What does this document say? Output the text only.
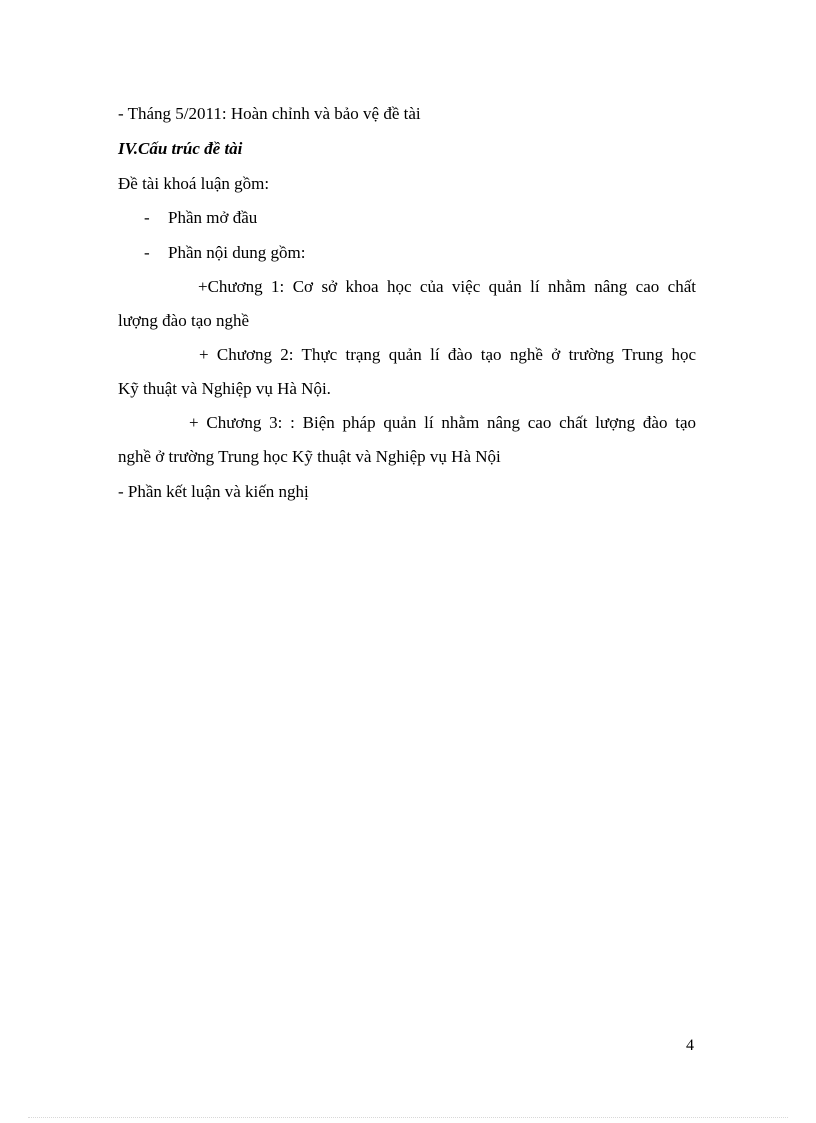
- Tháng 5/2011: Hoàn chỉnh và bảo vệ đề tài
IV.Cấu trúc đề tài
Đề tài khoá luận gồm:
- Phần mở đầu
- Phần nội dung gồm:
+Chương 1: Cơ sở khoa học của việc quản lí nhằm nâng cao chất
lượng đào tạo nghề
+ Chương 2: Thực trạng quản lí đào tạo nghề ở trường Trung học
Kỹ thuật và Nghiệp vụ Hà Nội.
+ Chương 3: : Biện pháp quản lí nhằm nâng cao chất lượng đào tạo
nghề ở trường Trung học Kỹ thuật và Nghiệp vụ Hà Nội
- Phần kết luận và kiến nghị
4
